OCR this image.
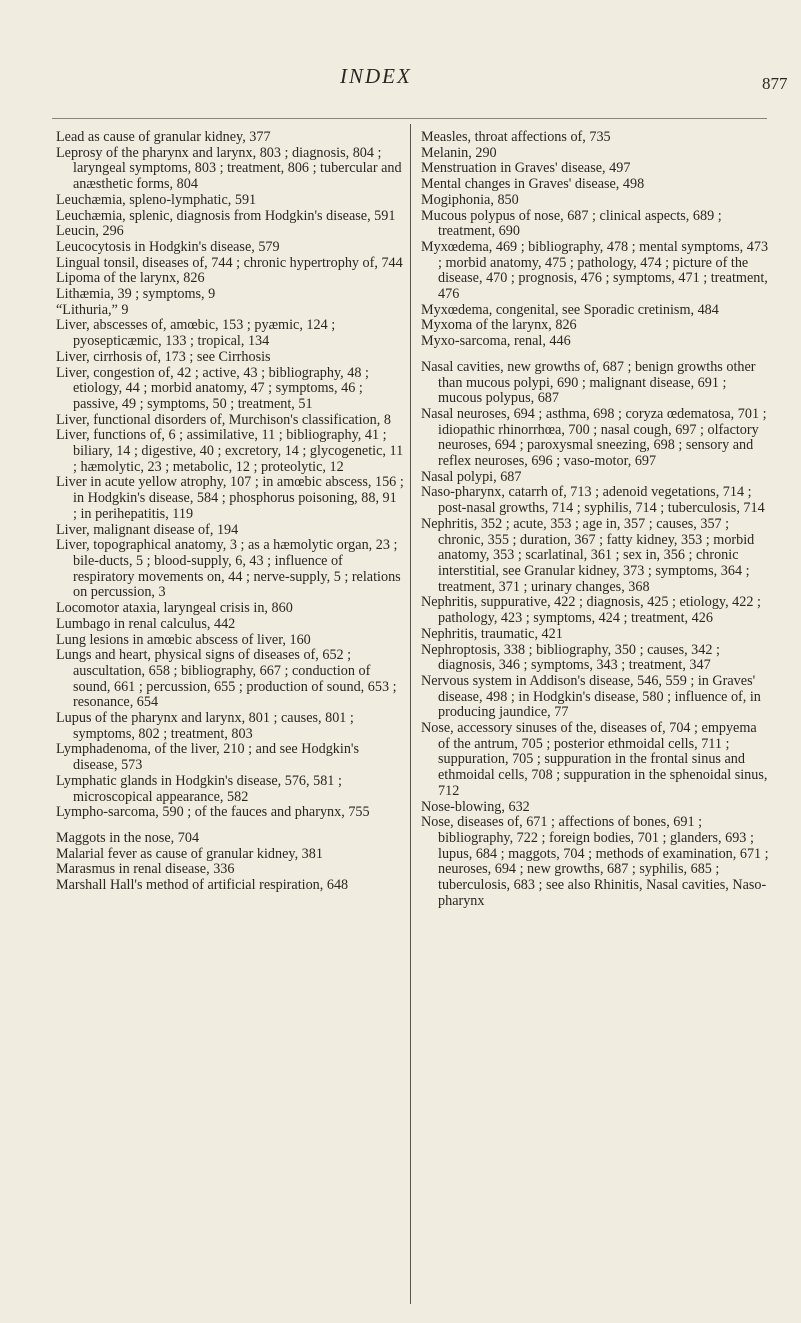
INDEX	877

Lead as cause of granular kidney, 377

Leprosy of the pharynx and larynx, 803 ; diagnosis, 804 ; laryngeal symptoms, 803 ; treatment, 806 ; tubercular and anæsthetic forms, 804

Leuchæmia, spleno-lymphatic, 591

Leuchæmia, splenic, diagnosis from Hodgkin's disease, 591

Leucin, 296

Leucocytosis in Hodgkin's disease, 579

Lingual tonsil, diseases of, 744 ; chronic hypertrophy of, 744

Lipoma of the larynx, 826

Lithæmia, 39 ; symptoms, 9

“Lithuria,” 9

Liver, abscesses of, amœbic, 153 ; pyæmic, 124 ; pyosepticæmic, 133 ; tropical, 134

Liver, cirrhosis of, 173 ; see Cirrhosis

Liver, congestion of, 42 ; active, 43 ; bibliography, 48 ; etiology, 44 ; morbid anatomy, 47 ; symptoms, 46 ; passive, 49 ; symptoms, 50 ; treatment, 51

Liver, functional disorders of, Murchison's classification, 8

Liver, functions of, 6 ; assimilative, 11 ; bibliography, 41 ; biliary, 14 ; digestive, 40 ; excretory, 14 ; glycogenetic, 11 ; hæmolytic, 23 ; metabolic, 12 ; proteolytic, 12

Liver in acute yellow atrophy, 107 ; in amœbic abscess, 156 ; in Hodgkin's disease, 584 ; phosphorus poisoning, 88, 91 ; in perihepatitis, 119

Liver, malignant disease of, 194

Liver, topographical anatomy, 3 ; as a hæmolytic organ, 23 ; bile-ducts, 5 ; blood-supply, 6, 43 ; influence of respiratory movements on, 44 ; nerve-supply, 5 ; relations on percussion, 3

Locomotor ataxia, laryngeal crisis in, 860

Lumbago in renal calculus, 442

Lung lesions in amœbic abscess of liver, 160

Lungs and heart, physical signs of diseases of, 652 ; auscultation, 658 ; bibliography, 667 ; conduction of sound, 661 ; percussion, 655 ; production of sound, 653 ; resonance, 654

Lupus of the pharynx and larynx, 801 ; causes, 801 ; symptoms, 802 ; treatment, 803

Lymphadenoma, of the liver, 210 ; and see Hodgkin's disease, 573

Lymphatic glands in Hodgkin's disease, 576, 581 ; microscopical appearance, 582

Lympho-sarcoma, 590 ; of the fauces and pharynx, 755

Maggots in the nose, 704

Malarial fever as cause of granular kidney, 381

Marasmus in renal disease, 336

Marshall Hall's method of artificial respiration, 648

Measles, throat affections of, 735

Melanin, 290

Menstruation in Graves' disease, 497

Mental changes in Graves' disease, 498

Mogiphonia, 850

Mucous polypus of nose, 687 ; clinical aspects, 689 ; treatment, 690

Myxœdema, 469 ; bibliography, 478 ; mental symptoms, 473 ; morbid anatomy, 475 ; pathology, 474 ; picture of the disease, 470 ; prognosis, 476 ; symptoms, 471 ; treatment, 476

Myxœdema, congenital, see Sporadic cretinism, 484

Myxoma of the larynx, 826

Myxo-sarcoma, renal, 446

Nasal cavities, new growths of, 687 ; benign growths other than mucous polypi, 690 ; malignant disease, 691 ; mucous polypus, 687

Nasal neuroses, 694 ; asthma, 698 ; coryza œdematosa, 701 ; idiopathic rhinorrhœa, 700 ; nasal cough, 697 ; olfactory neuroses, 694 ; paroxysmal sneezing, 698 ; sensory and reflex neuroses, 696 ; vaso-motor, 697

Nasal polypi, 687

Naso-pharynx, catarrh of, 713 ; adenoid vegetations, 714 ; post-nasal growths, 714 ; syphilis, 714 ; tuberculosis, 714

Nephritis, 352 ; acute, 353 ; age in, 357 ; causes, 357 ; chronic, 355 ; duration, 367 ; fatty kidney, 353 ; morbid anatomy, 353 ; scarlatinal, 361 ; sex in, 356 ; chronic interstitial, see Granular kidney, 373 ; symptoms, 364 ; treatment, 371 ; urinary changes, 368

Nephritis, suppurative, 422 ; diagnosis, 425 ; etiology, 422 ; pathology, 423 ; symptoms, 424 ; treatment, 426

Nephritis, traumatic, 421

Nephroptosis, 338 ; bibliography, 350 ; causes, 342 ; diagnosis, 346 ; symptoms, 343 ; treatment, 347

Nervous system in Addison's disease, 546, 559 ; in Graves' disease, 498 ; in Hodgkin's disease, 580 ; influence of, in producing jaundice, 77

Nose, accessory sinuses of the, diseases of, 704 ; empyema of the antrum, 705 ; posterior ethmoidal cells, 711 ; suppuration, 705 ; suppuration in the frontal sinus and ethmoidal cells, 708 ; suppuration in the sphenoidal sinus, 712

Nose-blowing, 632

Nose, diseases of, 671 ; affections of bones, 691 ; bibliography, 722 ; foreign bodies, 701 ; glanders, 693 ; lupus, 684 ; maggots, 704 ; methods of examination, 671 ; neuroses, 694 ; new growths, 687 ; syphilis, 685 ; tuberculosis, 683 ; see also Rhinitis, Nasal cavities, Naso-pharynx
